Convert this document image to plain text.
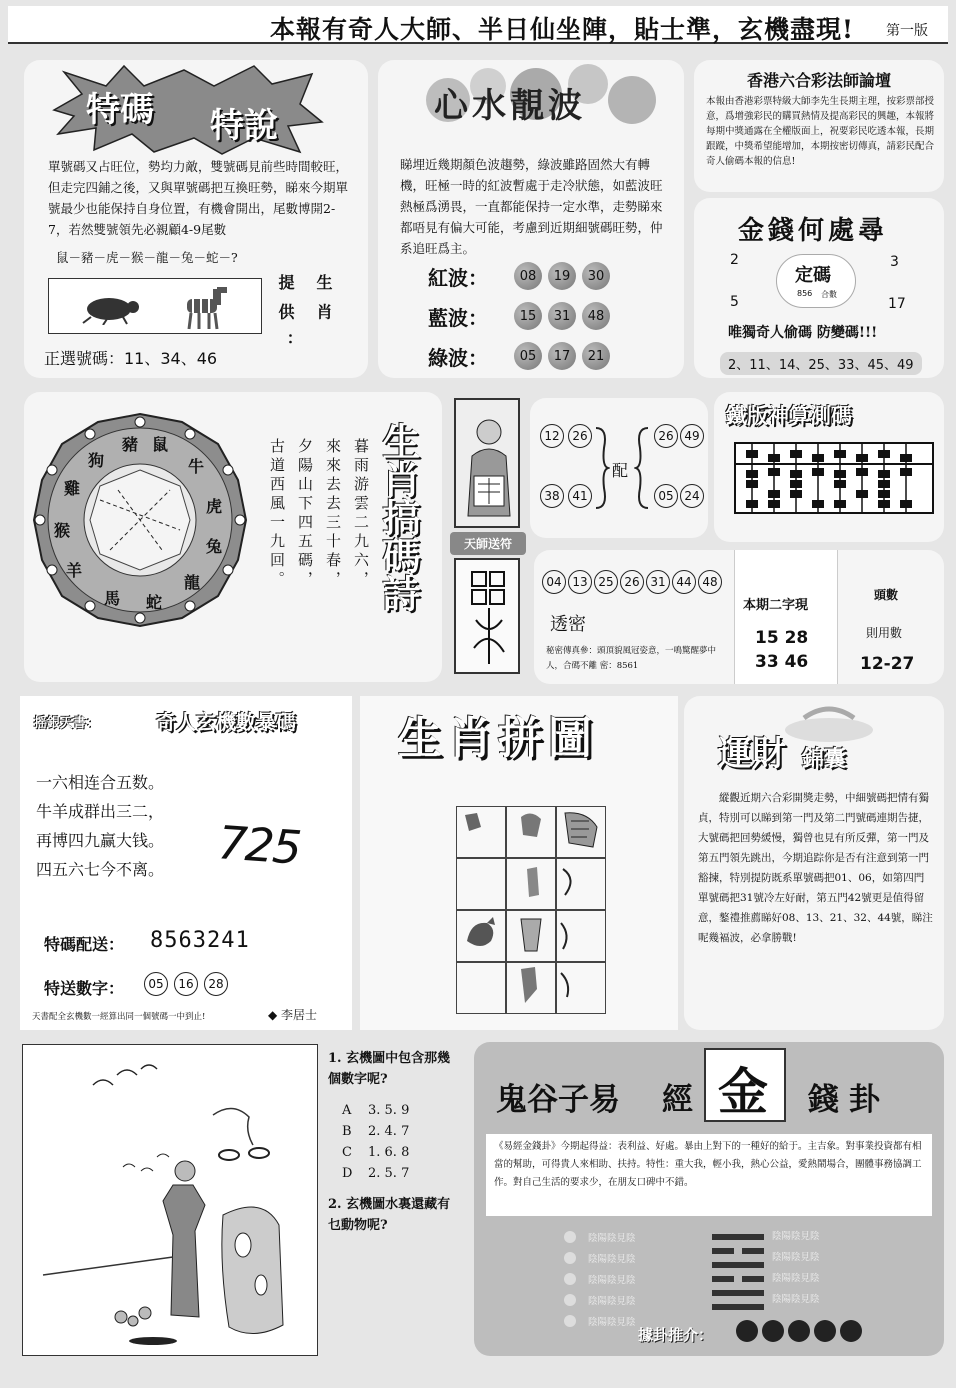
本報有奇人大師、半日仙坐陣，貼士準，玄機盡現! 第一版
特碼 特說
單號碼又占旺位，勢均力敵，雙號碼見前些時間較旺，但走完四鋪之後，又與單號碼把互換旺勢，睇來今期單號最少也能保持自身位置，有機會開出，尾數博開2-7，若然雙號領先必親顧4-9尾數
鼠－豬－虎－猴－龍－兔－蛇－?
提 供 ： 生 肖
正選號碼：11、34、46
心水靚波
睇埋近幾期顏色波趨勢，綠波雖路固然大有轉機，旺極一時的紅波暫處于走冷狀態，如藍波旺熱極爲湧畏，一直都能保持一定水準，走勢睇來都唔見有偏大可能，考慮到近期細號碼旺勢，仲系追旺爲主。
紅波：	08	19	30
藍波：	15	31	48
綠波：	05	17	21
香港六合彩法師論壇
本報由香港彩票特級大師李先生長期主理，按彩票部授意，爲增強彩民的購買熱情及提高彩民的興趣，本報將每期中獎通露在全權版面上，祝要彩民吃透本報，長期跟蹤，中獎希望能增加，本期按密切傳真，請彩民配合奇人偷碼本報的信息!
金錢何處尋
2	3
5	17
定碼
856 合數
唯獨奇人偷碼 防變碼!!!
2、11、14、25、33、45、49
鼠
牛
虎
兔
龍
蛇
馬
羊
猴
雞
狗
豬	暮雨游雲二九六，
來來去去三十春，
夕陽山下四五碼，
古道西風一九回。 生肖搞碼詩	天師送符
12	26
38	41
配
26 49
05 24
鐵版神算測碼
04 13 25 26 31 44 48
透密
秘密傳真參：頭頂貌風冠姿意，一鳴驚醒夢中人，合碼不離 密：8561
本期二字現
15 28
33 46
頭數
則用數
12-27
摇銀天書：	奇人玄機數暴碼
一六相连合五数。
牛羊成群出三二，
再博四九赢大钱。
四五六七今不离。 725
特碼配送： 8563241
特送數字：	05	16	28
天書配全玄機數一經算出同一個號碼一中到止!	◆ 李居士
生肖拼圖	運財 錦囊
縱觀近期六合彩開獎走勢，中細號碼把情有獨貞，特別可以睇到第一門及第二門號碼連期告捷，大號碼把回勢緩慢，獨曾也見有所反彈，第一門及第五門領先跳出，今期追踪你是否有注意到第一門豁揀，特別提防既系單號碼把01、06，如第四門單號碼把31號冷左好耐，第五門42號更是值得留意，鏊禮推薦睇好08、13、21、32、44號，睇注呢幾褔波，必拿勝戰!
1. 玄機圖中包含那幾個數字呢?
A 3. 5. 9
B 2. 4. 7
C 1. 6. 8
D 2. 5. 7
2. 玄機圖水裏還藏有乜動物呢?
鬼谷子易 經 金 錢卦
《易經金錢卦》今期起得益：表利益、好處。暴由上對下的一種好的給于。主吉象。對事業投資都有相當的幫助，可得貴人來相助、扶持。特性：重大我，輕小我，熱心公益，愛熱鬧場合，團體事務協調工作。對自己生活的要求少，在朋友口碑中不錯。
陰陽陰見陰
陰陽陰見陰
陰陽陰見陰
陰陽陰見陰
陰陽陰見陰
陰陽陰見陰
陰陽陰見陰
陰陽陰見陰
陰陽陰見陰
據卦推介：
